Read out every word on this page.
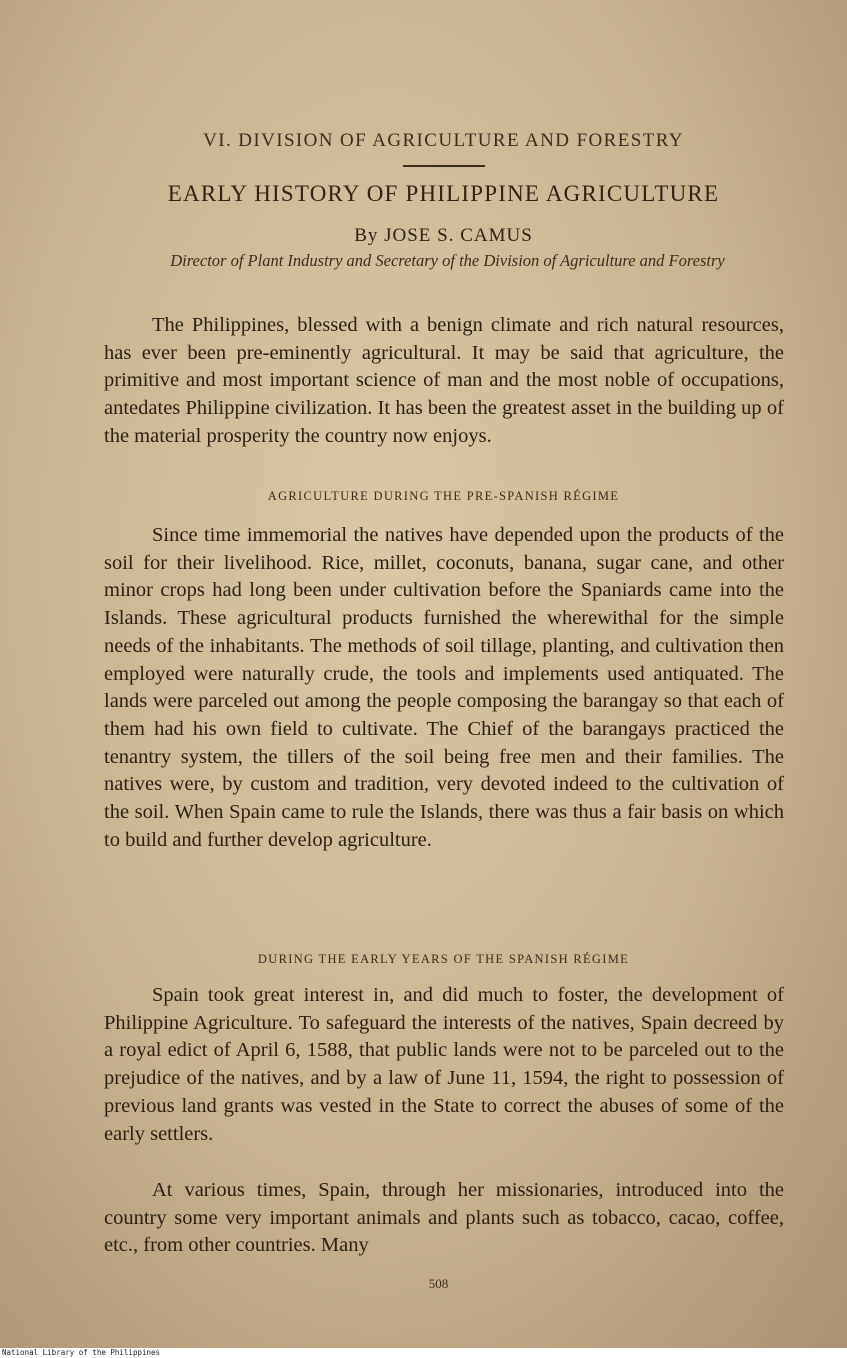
VI. DIVISION OF AGRICULTURE AND FORESTRY
EARLY HISTORY OF PHILIPPINE AGRICULTURE
By JOSE S. CAMUS
Director of Plant Industry and Secretary of the Division of Agriculture and Forestry
The Philippines, blessed with a benign climate and rich natural resources, has ever been pre-eminently agricultural. It may be said that agriculture, the primitive and most important science of man and the most noble of occupations, antedates Philippine civilization. It has been the greatest asset in the building up of the material prosperity the country now enjoys.
AGRICULTURE DURING THE PRE-SPANISH RÉGIME
Since time immemorial the natives have depended upon the products of the soil for their livelihood. Rice, millet, coconuts, banana, sugar cane, and other minor crops had long been under cultivation before the Spaniards came into the Islands. These agricultural products furnished the wherewithal for the simple needs of the inhabitants. The methods of soil tillage, planting, and cultivation then employed were naturally crude, the tools and implements used antiquated. The lands were parceled out among the people composing the barangay so that each of them had his own field to cultivate. The Chief of the barangays practiced the tenantry system, the tillers of the soil being free men and their families. The natives were, by custom and tradition, very devoted indeed to the cultivation of the soil. When Spain came to rule the Islands, there was thus a fair basis on which to build and further develop agriculture.
DURING THE EARLY YEARS OF THE SPANISH RÉGIME
Spain took great interest in, and did much to foster, the development of Philippine Agriculture. To safeguard the interests of the natives, Spain decreed by a royal edict of April 6, 1588, that public lands were not to be parceled out to the prejudice of the natives, and by a law of June 11, 1594, the right to possession of previous land grants was vested in the State to correct the abuses of some of the early settlers.
At various times, Spain, through her missionaries, introduced into the country some very important animals and plants such as tobacco, cacao, coffee, etc., from other countries. Many
508
National Library of the Philippines
